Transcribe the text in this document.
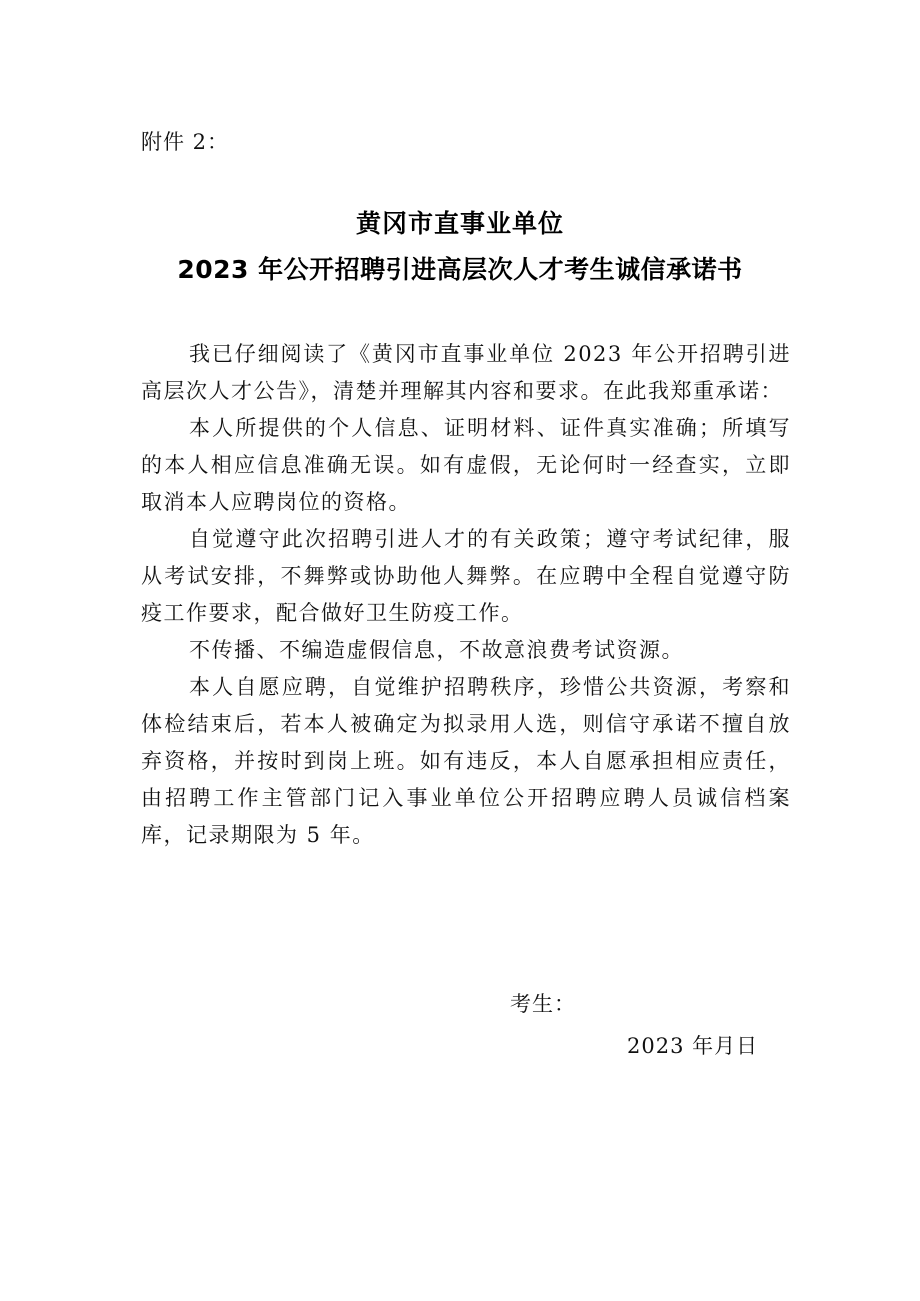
附件 2：
黄冈市直事业单位
2023 年公开招聘引进高层次人才考生诚信承诺书

我已仔细阅读了《黄冈市直事业单位 2023 年公开招聘引进高层次人才公告》，清楚并理解其内容和要求。在此我郑重承诺：

本人所提供的个人信息、证明材料、证件真实准确；所填写的本人相应信息准确无误。如有虚假，无论何时一经查实，立即取消本人应聘岗位的资格。

自觉遵守此次招聘引进人才的有关政策；遵守考试纪律，服从考试安排，不舞弊或协助他人舞弊。在应聘中全程自觉遵守防疫工作要求，配合做好卫生防疫工作。

不传播、不编造虚假信息，不故意浪费考试资源。

本人自愿应聘，自觉维护招聘秩序，珍惜公共资源，考察和体检结束后，若本人被确定为拟录用人选，则信守承诺不擅自放弃资格，并按时到岗上班。如有违反，本人自愿承担相应责任，由招聘工作主管部门记入事业单位公开招聘应聘人员诚信档案库，记录期限为 5 年。

考生：
2023 年月日
